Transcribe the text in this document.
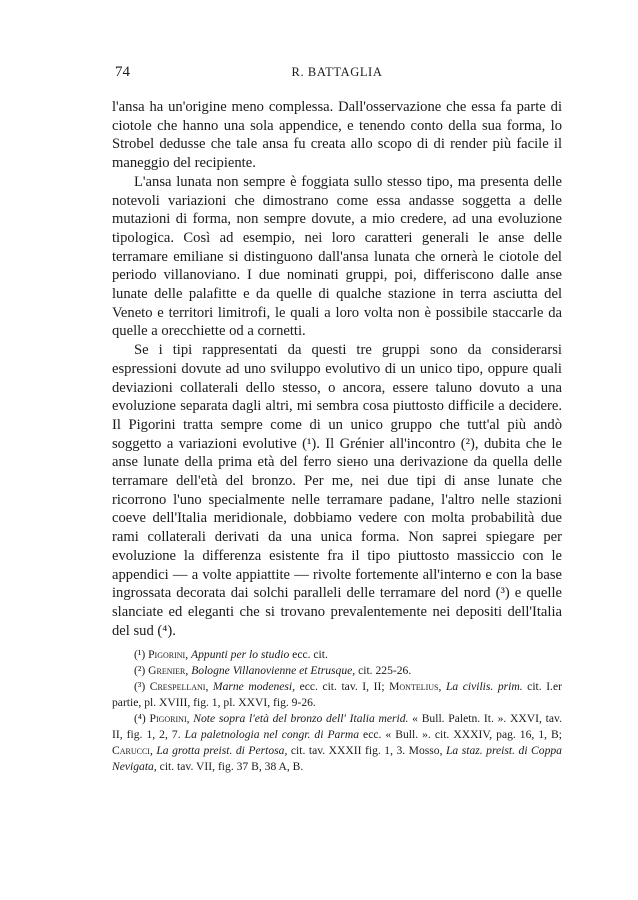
74	R. BATTAGLIA

l'ansa ha un'origine meno complessa. Dall'osservazione che essa fa parte di ciotole che hanno una sola appendice, e tenendo conto della sua forma, lo Strobel dedusse che tale ansa fu creata allo scopo di di render più facile il maneggio del recipiente.

L'ansa lunata non sempre è foggiata sullo stesso tipo, ma presenta delle notevoli variazioni che dimostrano come essa andasse soggetta a delle mutazioni di forma, non sempre dovute, a mio credere, ad una evoluzione tipologica. Così ad esempio, nei loro caratteri generali le anse delle terramare emiliane si distinguono dall'ansa lunata che ornerà le ciotole del periodo villanoviano. I due nominati gruppi, poi, differiscono dalle anse lunate delle palafitte e da quelle di qualche stazione in terra asciutta del Veneto e territori limitrofi, le quali a loro volta non è possibile staccarle da quelle a orecchiette od a cornetti.

Se i tipi rappresentati da questi tre gruppi sono da considerarsi espressioni dovute ad uno sviluppo evolutivo di un unico tipo, oppure quali deviazioni collaterali dello stesso, o ancora, essere taluno dovuto a una evoluzione separata dagli altri, mi sembra cosa piuttosto difficile a decidere. Il Pigorini tratta sempre come di un unico gruppo che tutt'al più andò soggetto a variazioni evolutive (¹). Il Grénier all'incontro (²), dubita che le anse lunate della prima età del ferro siено una derivazione da quella delle terramare dell'età del bronzo. Per me, nei due tipi di anse lunate che ricorrono l'uno specialmente nelle terramare padane, l'altro nelle stazioni coeve dell'Italia meridionale, dobbiamo vedere con molta probabilità due rami collaterali derivati da una unica forma. Non saprei spiegare per evoluzione la differenza esistente fra il tipo piuttosto massiccio con le appendici — a volte appiattite — rivolte fortemente all'interno e con la base ingrossata decorata dai solchi paralleli delle terramare del nord (³) e quelle slanciate ed eleganti che si trovano prevalentemente nei depositi dell'Italia del sud (⁴).

(¹) Pigorini, Appunti per lo studio ecc. cit.

(²) Grenier, Bologne Villanovienne et Etrusque, cit. 225-26.

(³) Crespellani, Marne modenesi, ecc. cit. tav. I, II; Montelius, La civilis. prim. cit. I.er partie, pl. XVIII, fig. 1, pl. XXVI, fig. 9-26.

(⁴) Pigorini, Note sopra l'età del bronzo dell' Italia merid. « Bull. Paletn. It. ». XXVI, tav. II, fig. 1, 2, 7. La paletnologia nel congr. di Parma ecc. « Bull. ». cit. XXXIV, pag. 16, 1, B; Carucci, La grotta preist. di Pertosa, cit. tav. XXXII fig. 1, 3. Mosso, La staz. preist. di Coppa Nevigata, cit. tav. VII, fig. 37 B, 38 A, B.
